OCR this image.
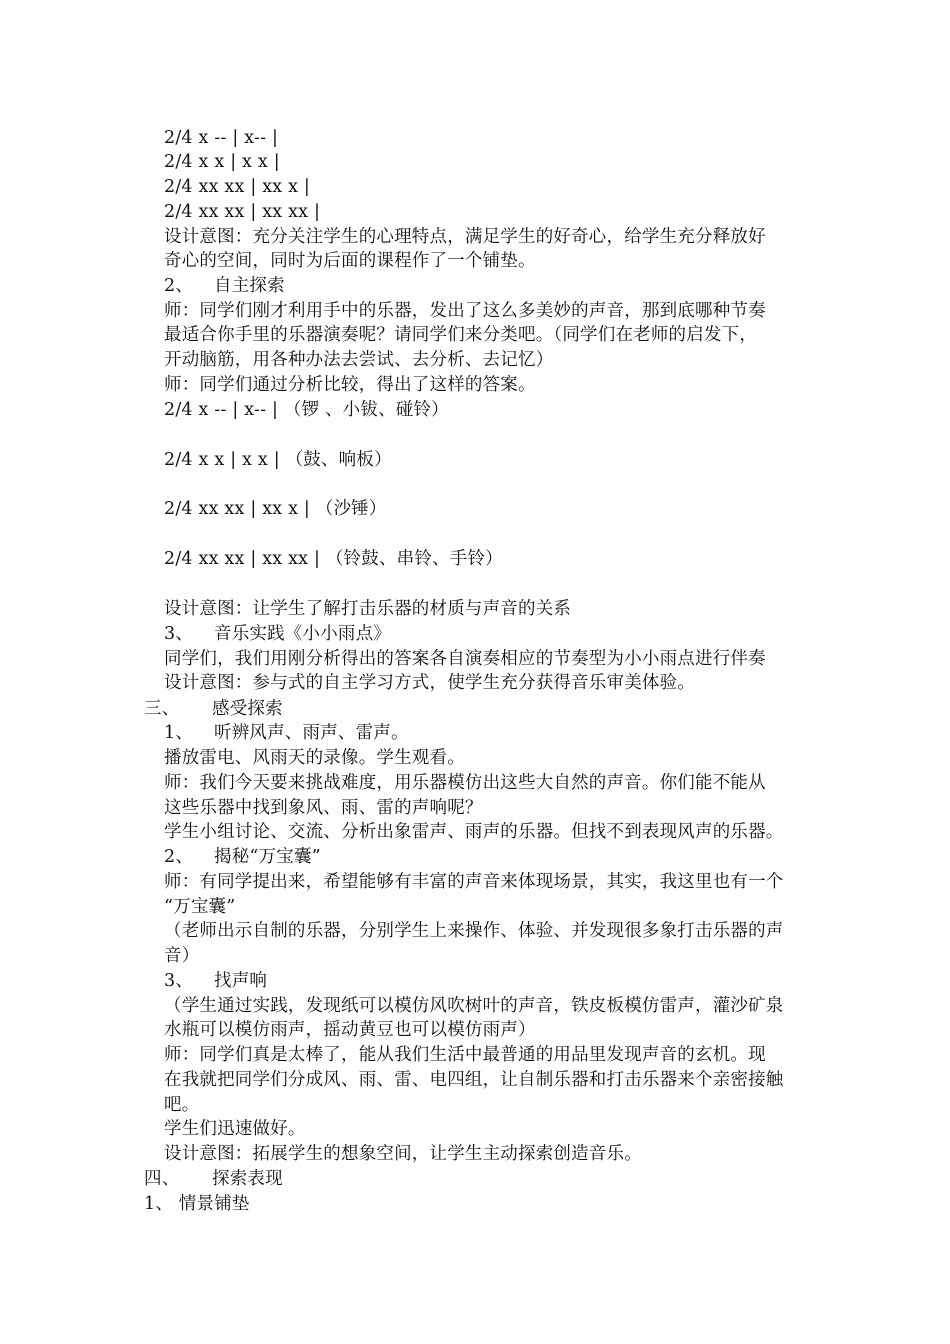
2/4 x -- | x-- |
2/4 x x | x x |
2/4 xx xx | xx x |
2/4 xx xx | xx xx |
设计意图：充分关注学生的心理特点，满足学生的好奇心，给学生充分释放好
奇心的空间，同时为后面的课程作了一个铺垫。
2、 自主探索
师：同学们刚才利用手中的乐器，发出了这么多美妙的声音，那到底哪种节奏
最适合你手里的乐器演奏呢？请同学们来分类吧。（同学们在老师的启发下，
开动脑筋，用各种办法去尝试、去分析、去记忆）
师：同学们通过分析比较，得出了这样的答案。
2/4 x -- | x-- | （锣 、小钹、碰铃）
2/4 x x | x x | （鼓、响板）
2/4 xx xx | xx x | （沙锤）
2/4 xx xx | xx xx | （铃鼓、串铃、手铃）
设计意图：让学生了解打击乐器的材质与声音的关系
3、 音乐实践《小小雨点》
同学们，我们用刚分析得出的答案各自演奏相应的节奏型为小小雨点进行伴奏
设计意图：参与式的自主学习方式，使学生充分获得音乐审美体验。
三、 感受探索
1、 听辨风声、雨声、雷声。
播放雷电、风雨天的录像。学生观看。
师：我们今天要来挑战难度，用乐器模仿出这些大自然的声音。你们能不能从
这些乐器中找到象风、雨、雷的声响呢？
学生小组讨论、交流、分析出象雷声、雨声的乐器。但找不到表现风声的乐器。
2、 揭秘“万宝囊”
师：有同学提出来，希望能够有丰富的声音来体现场景，其实，我这里也有一个
“万宝囊”
（老师出示自制的乐器，分别学生上来操作、体验、并发现很多象打击乐器的声
音）
3、 找声响
（学生通过实践，发现纸可以模仿风吹树叶的声音，铁皮板模仿雷声，灌沙矿泉
水瓶可以模仿雨声，摇动黄豆也可以模仿雨声）
师：同学们真是太棒了，能从我们生活中最普通的用品里发现声音的玄机。现
在我就把同学们分成风、雨、雷、电四组，让自制乐器和打击乐器来个亲密接触
吧。
学生们迅速做好。
设计意图：拓展学生的想象空间，让学生主动探索创造音乐。
四、 探索表现
1、 情景铺垫
